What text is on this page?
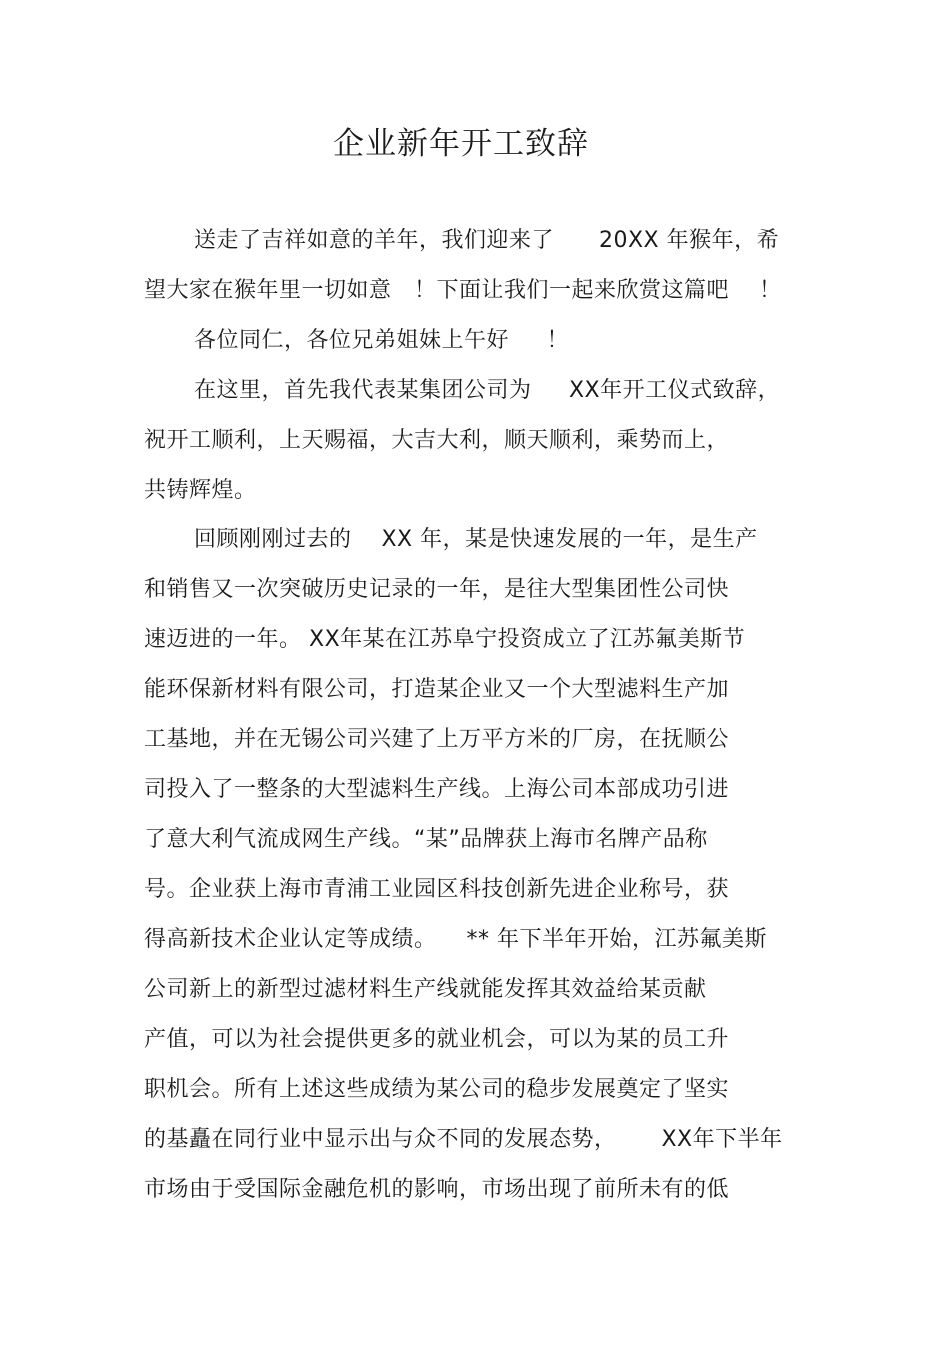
企业新年开工致辞
送走了吉祥如意的羊年，我们迎来了      20XX 年猴年，希
望大家在猴年里一切如意   ！下面让我们一起来欣赏这篇吧    ！
各位同仁，各位兄弟姐妹上午好     ！
在这里，首先我代表某集团公司为     XX年开工仪式致辞，
祝开工顺利，上天赐福，大吉大利，顺天顺利，乘势而上，
共铸辉煌。
回顾刚刚过去的    XX 年，某是快速发展的一年，是生产
和销售又一次突破历史记录的一年，是往大型集团性公司快
速迈进的一年。 XX年某在江苏阜宁投资成立了江苏氟美斯节
能环保新材料有限公司，打造某企业又一个大型滤料生产加
工基地，并在无锡公司兴建了上万平方米的厂房，在抚顺公
司投入了一整条的大型滤料生产线。上海公司本部成功引进
了意大利气流成网生产线。“某”品牌获上海市名牌产品称
号。企业获上海市青浦工业园区科技创新先进企业称号，获
得高新技术企业认定等成绩。    ** 年下半年开始，江苏氟美斯
公司新上的新型过滤材料生产线就能发挥其效益给某贡献
产值，可以为社会提供更多的就业机会，可以为某的员工升
职机会。所有上述这些成绩为某公司的稳步发展奠定了坚实
的基矗在同行业中显示出与众不同的发展态势，      XX年下半年
市场由于受国际金融危机的影响，市场出现了前所未有的低
